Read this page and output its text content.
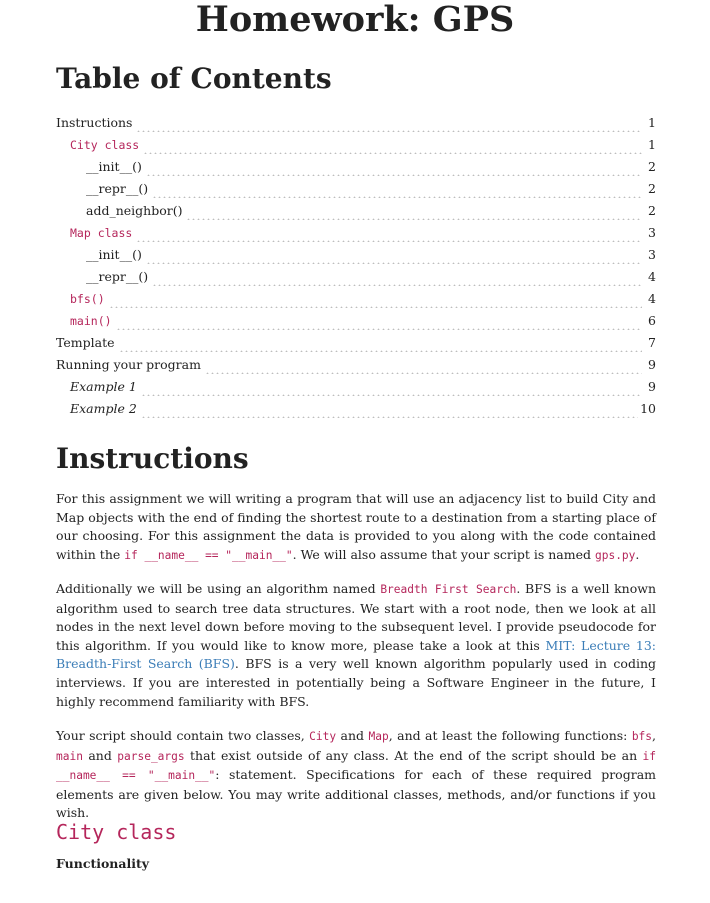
Homework: GPS
Table of Contents
Instructions	1
City class	1
__init__()	2
__repr__()	2
add_neighbor()	2
Map class	3
__init__()	3
__repr__()	4
bfs()	4
main()	6
Template	7
Running your program	9
Example 1	9
Example 2	10
Instructions

For this assignment we will writing a program that will use an adjacency list to build City and Map objects with the end of finding the shortest route to a destination from a starting place of our choosing. For this assignment the data is provided to you along with the code contained within the if __name__ == "__main__". We will also assume that your script is named gps.py.

Additionally we will be using an algorithm named Breadth First Search. BFS is a well known algorithm used to search tree data structures. We start with a root node, then we look at all nodes in the next level down before moving to the subsequent level. I provide pseudocode for this algorithm. If you would like to know more, please take a look at this MIT: Lecture 13: Breadth-First Search (BFS). BFS is a very well known algorithm popularly used in coding interviews. If you are interested in potentially being a Software Engineer in the future, I highly recommend familiarity with BFS.

Your script should contain two classes, City and Map, and at least the following functions: bfs, main and parse_args that exist outside of any class. At the end of the script should be an if __name__ == "__main__": statement. Specifications for each of these required program elements are given below. You may write additional classes, methods, and/or functions if you wish.

City class
Functionality
